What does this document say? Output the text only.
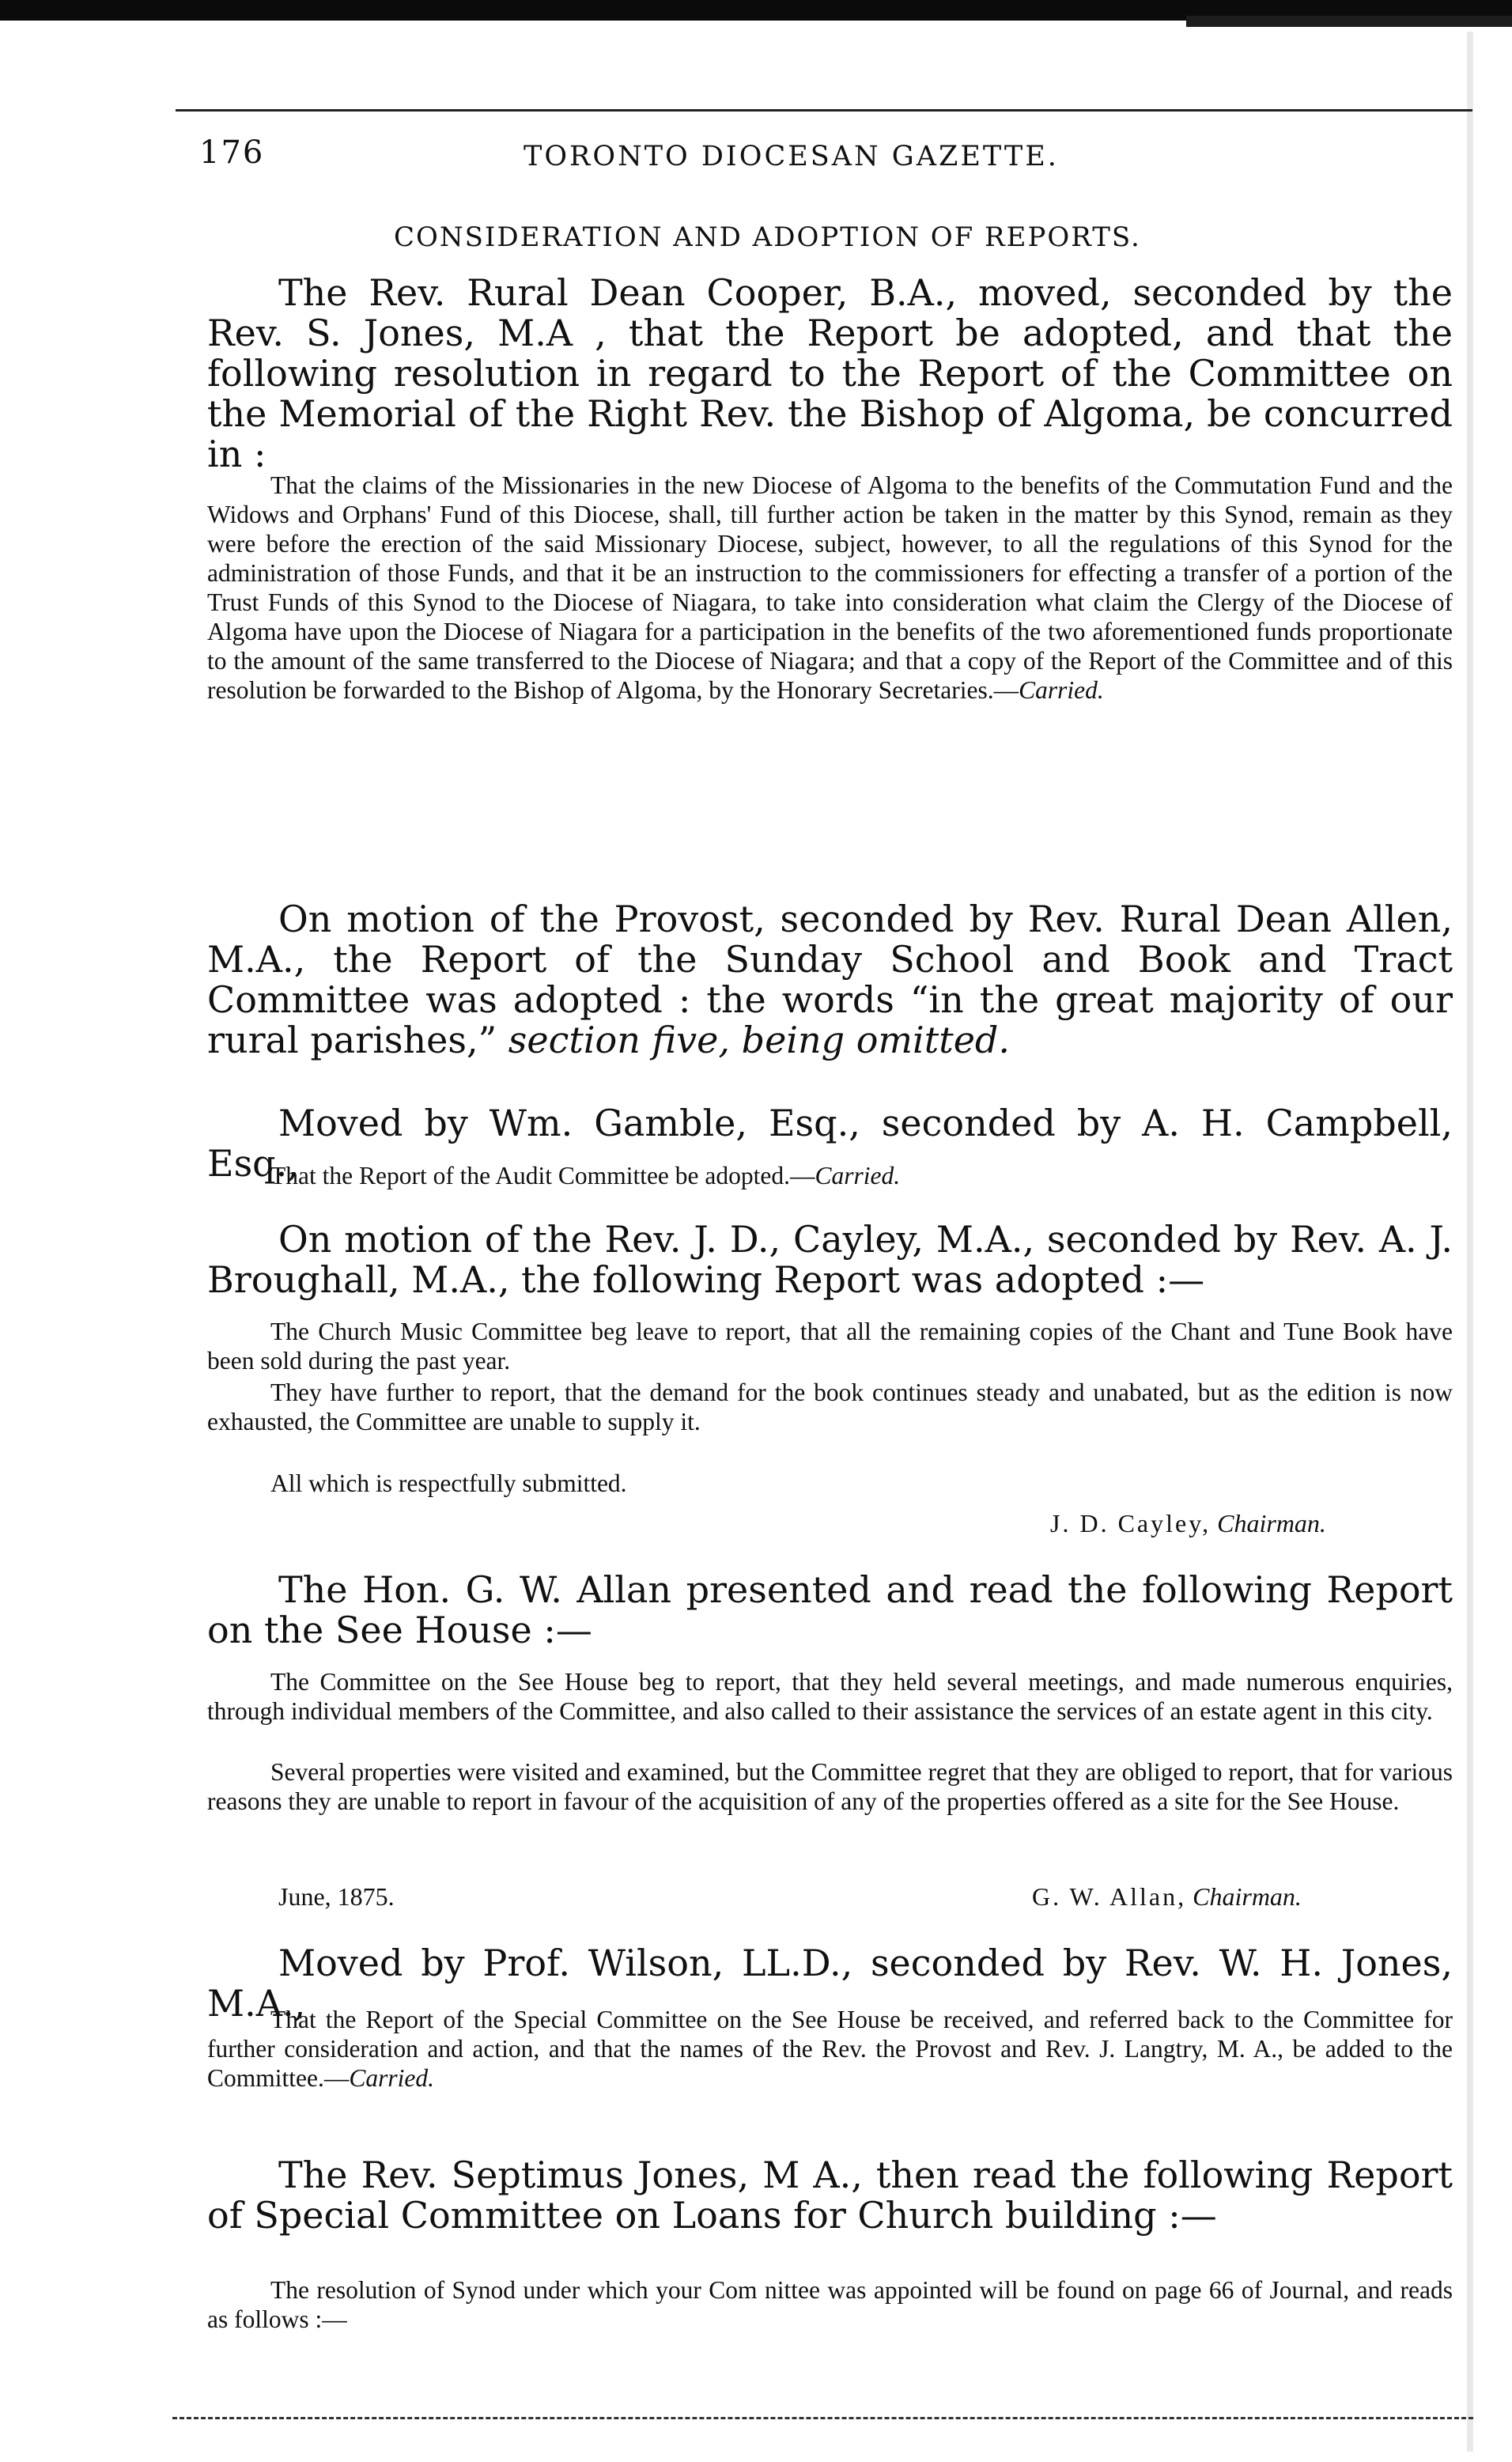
176	TORONTO DIOCESAN GAZETTE.
CONSIDERATION AND ADOPTION OF REPORTS.

The Rev. Rural Dean Cooper, B.A., moved, seconded by the Rev. S. Jones, M.A , that the Report be adopted, and that the following resolution in regard to the Report of the Committee on the Memorial of the Right Rev. the Bishop of Algoma, be concurred in :

That the claims of the Missionaries in the new Diocese of Algoma to the benefits of the Commutation Fund and the Widows and Orphans' Fund of this Diocese, shall, till further action be taken in the matter by this Synod, remain as they were before the erection of the said Missionary Diocese, subject, however, to all the regulations of this Synod for the administration of those Funds, and that it be an instruction to the commissioners for effecting a transfer of a portion of the Trust Funds of this Synod to the Diocese of Niagara, to take into consideration what claim the Clergy of the Diocese of Algoma have upon the Diocese of Niagara for a participation in the benefits of the two aforementioned funds proportionate to the amount of the same transferred to the Diocese of Niagara; and that a copy of the Report of the Committee and of this resolution be forwarded to the Bishop of Algoma, by the Honorary Secretaries.—Carried.

On motion of the Provost, seconded by Rev. Rural Dean Allen, M.A., the Report of the Sunday School and Book and Tract Committee was adopted : the words “in the great majority of our rural parishes,” section five, being omitted.

Moved by Wm. Gamble, Esq., seconded by A. H. Campbell, Esq.,

That the Report of the Audit Committee be adopted.—Carried.

On motion of the Rev. J. D., Cayley, M.A., seconded by Rev. A. J. Broughall, M.A., the following Report was adopted :—

The Church Music Committee beg leave to report, that all the remaining copies of the Chant and Tune Book have been sold during the past year.

They have further to report, that the demand for the book continues steady and unabated, but as the edition is now exhausted, the Committee are unable to supply it.

All which is respectfully submitted.

J. D. Cayley, Chairman.

The Hon. G. W. Allan presented and read the following Report on the See House :—

The Committee on the See House beg to report, that they held several meetings, and made numerous enquiries, through individual members of the Committee, and also called to their assistance the services of an estate agent in this city.

Several properties were visited and examined, but the Committee regret that they are obliged to report, that for various reasons they are unable to report in favour of the acquisition of any of the properties offered as a site for the See House.

June, 1875.	G. W. Allan, Chairman.

Moved by Prof. Wilson, LL.D., seconded by Rev. W. H. Jones, M.A.,

That the Report of the Special Committee on the See House be received, and referred back to the Committee for further consideration and action, and that the names of the Rev. the Provost and Rev. J. Langtry, M. A., be added to the Committee.—Carried.

The Rev. Septimus Jones, M A., then read the following Report of Special Committee on Loans for Church building :—

The resolution of Synod under which your Com nittee was appointed will be found on page 66 of Journal, and reads as follows :—
